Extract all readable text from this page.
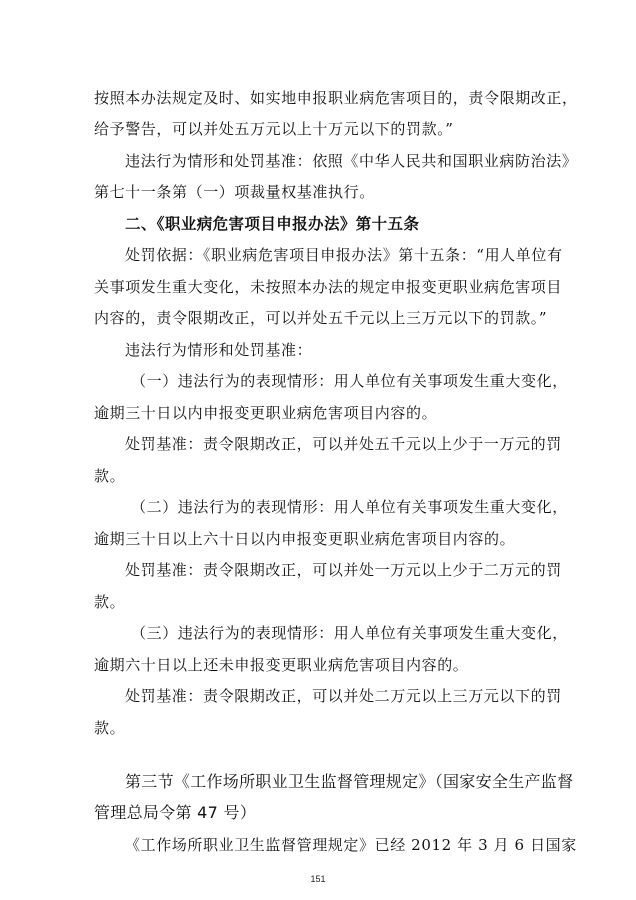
按照本办法规定及时、如实地申报职业病危害项目的，责令限期改正，
给予警告，可以并处五万元以上十万元以下的罚款。”
违法行为情形和处罚基准：依照《中华人民共和国职业病防治法》
第七十一条第（一）项裁量权基准执行。
二、《职业病危害项目申报办法》第十五条
处罚依据：《职业病危害项目申报办法》第十五条：“用人单位有
关事项发生重大变化，未按照本办法的规定申报变更职业病危害项目
内容的，责令限期改正，可以并处五千元以上三万元以下的罚款。”
违法行为情形和处罚基准：
（一）违法行为的表现情形：用人单位有关事项发生重大变化，
逾期三十日以内申报变更职业病危害项目内容的。
处罚基准：责令限期改正，可以并处五千元以上少于一万元的罚
款。
（二）违法行为的表现情形：用人单位有关事项发生重大变化，
逾期三十日以上六十日以内申报变更职业病危害项目内容的。
处罚基准：责令限期改正，可以并处一万元以上少于二万元的罚
款。
（三）违法行为的表现情形：用人单位有关事项发生重大变化，
逾期六十日以上还未申报变更职业病危害项目内容的。
处罚基准：责令限期改正，可以并处二万元以上三万元以下的罚
款。
第三节《工作场所职业卫生监督管理规定》（国家安全生产监督
管理总局令第 47 号）
《工作场所职业卫生监督管理规定》已经 2012 年 3 月 6 日国家
151
